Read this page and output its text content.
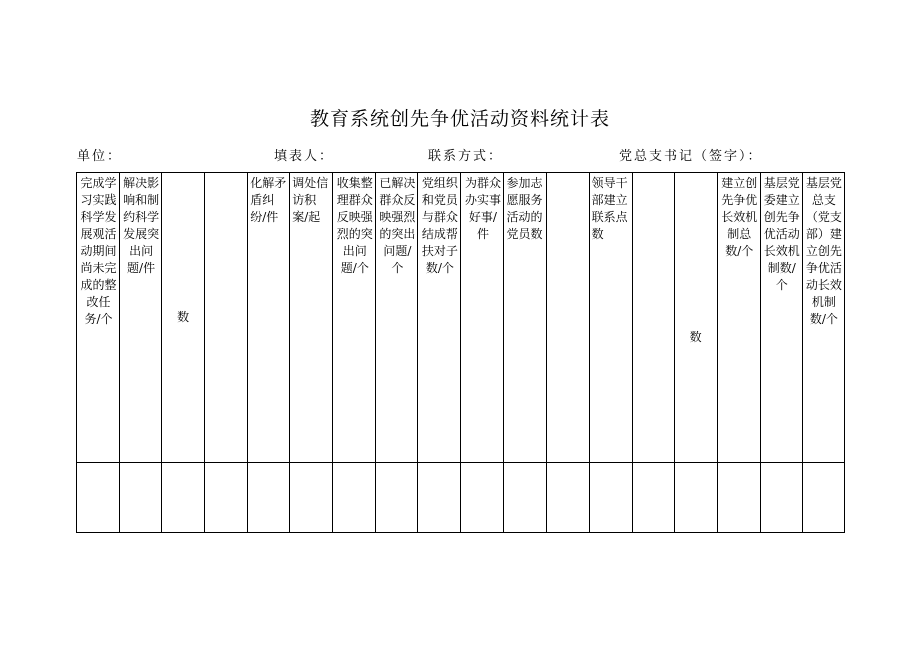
教育系统创先争优活动资料统计表
单位：	填表人：	联系方式：	党总支书记（签字）：
完成学习实践科学发展观活动期间尚未完成的整改任务/个	解决影响和制约科学发展突出问题/件	数		化解矛盾纠纷/件	调处信访积案/起	收集整理群众反映强烈的突出问题/个	已解决群众反映强烈的突出问题/个	党组织和党员与群众结成帮扶对子数/个	为群众办实事好事/件	参加志愿服务活动的党员数		领导干部建立联系点数		数	建立创先争优长效机制总数/个	基层党委建立创先争优活动长效机制数/个	基层党总支（党支部）建立创先争优活动长效机制数/个
